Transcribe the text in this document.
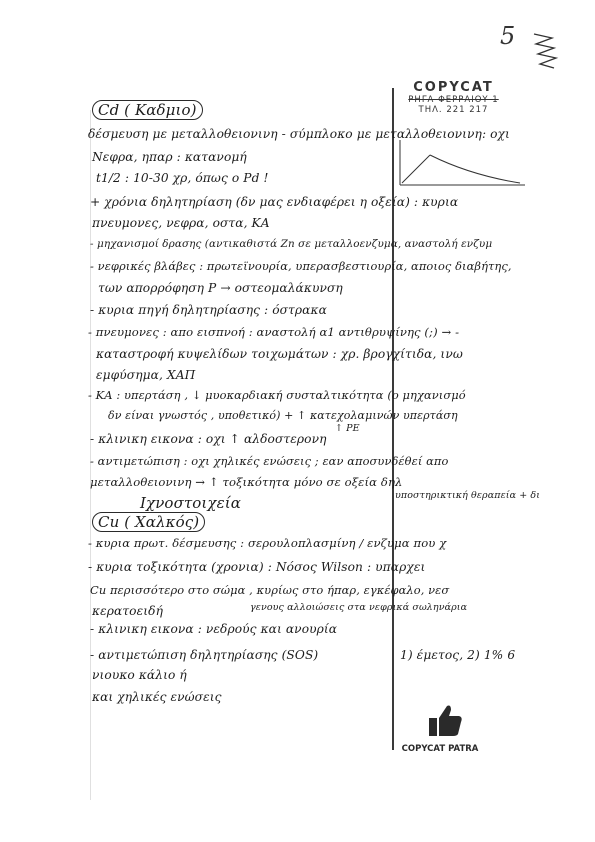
5
COPYCAT
ΡΗΓΑ ΦΕΡΡΑΙΟΥ 1
ΤΗΛ. 221 217
Cd ( Καδμιο)
δέσμευση με μεταλλοθειονινη - σύμπλοκο με μεταλλοθειονινη: οχι
Νεφρα, ηπαρ : κατανομή
t1/2 : 10-30 χρ, όπως ο Pd !
+ χρόνια δηλητηρίαση (δν μας ενδιαφέρει η οξεία) : κυρια
πνευμονες, νεφρα, οστα, ΚΑ
- μηχανισμοί δρασης (αντικαθιστά Zn σε μεταλλοενζυμα, αναστολή ενζυμ
- νεφρικές βλάβες : πρωτεϊνουρία, υπερασβεστιουρία, αποιος διαβήτης,
των απορρόφηση P → οστεομαλάκυνση
- κυρια πηγή δηλητηρίασης : όστρακα
- πνευμονες : απο εισπνοή : αναστολή α1 αντιθρυψίνης (;) → -
καταστροφή κυψελίδων τοιχωμάτων : χρ. βρογχίτιδα, ινω
εμφύσημα, ΧΑΠ
- ΚΑ : υπερτάση , ↓ μυοκαρδιακή συσταλτικότητα (ο μηχανισμό
δν είναι γνωστός , υποθετικό) + ↑ κατεχολαμινών υπερτάση
↑ PE
- κλινικη εικονα : οχι ↑ αλδοστερονη
- αντιμετώπιση : οχι χηλικές ενώσεις ; εαν αποσυνδέθεί απο
μεταλλοθειονινη → ↑ τοξικότητα μόνο σε οξεία δηλ
Ιχνοστοιχεία	υποστηρικτική θεραπεία + δι
Cu ( Χαλκός)
- κυρια πρωτ. δέσμευσης : σερουλοπλασμίνη / ενζυμα που χ
- κυρια τοξικότητα (χρονια) : Νόσος Wilson : υπαρχει
Cu περισσότερο στο σώμα , κυρίως στο ήπαρ, εγκέφαλο, νεσ
κερατοειδή	γενους αλλοιώσεις στα νεφρικά σωληνάρια
- κλινικη εικονα : νεδρούς και ανουρία
- αντιμετώπιση δηλητηρίασης (SOS)	1) έμετος, 2) 1% 6
νιουκο κάλιο ή
και χηλικές ενώσεις
COPYCAT PATRA
